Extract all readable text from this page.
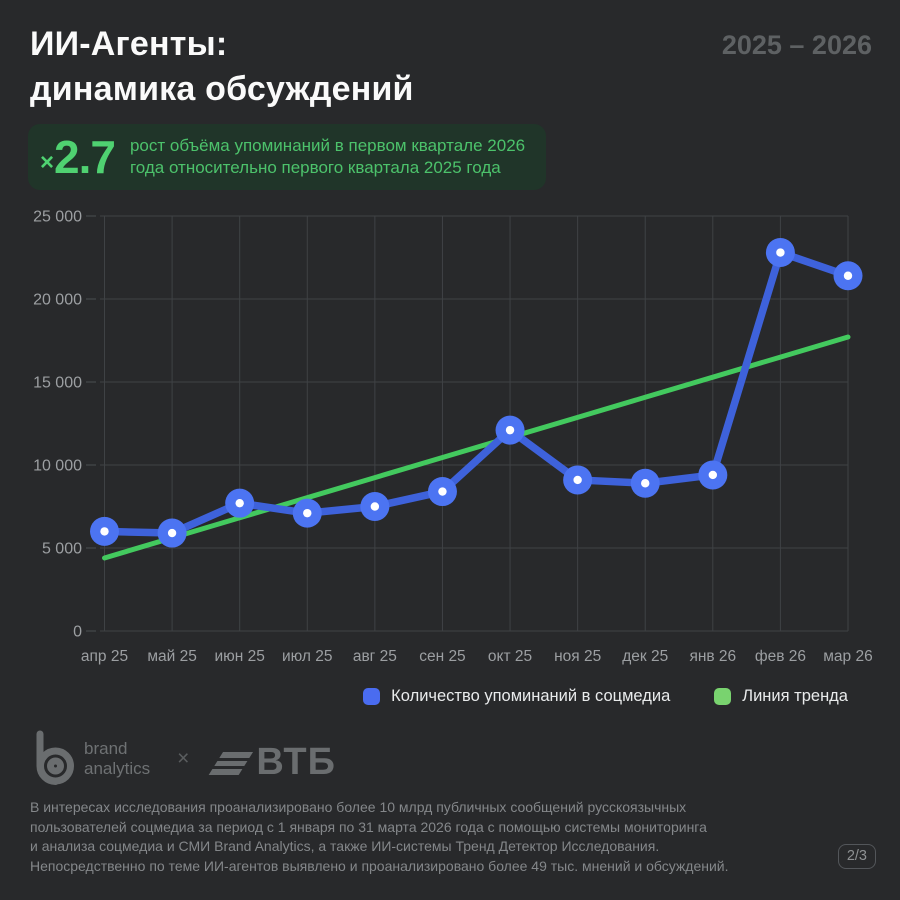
0
5 000
10 000
15 000
20 000
25 000
апр 25 май 25 июн 25 июл 25 авг 25 сен 25 окт 25 ноя 25 дек 25 янв 26 фев 26 мар 26
ИИ-Агенты:
динамика обсуждений
2025 – 2026
× 2.7 рост объёма упоминаний в первом квартале 2026
года относительно первого квартала 2025 года
Количество упоминаний в соцмедиа	Линия тренда
brand
analytics × ВТБ
В интересах исследования проанализировано более 10 млрд публичных сообщений русскоязычных
пользователей соцмедиа за период с 1 января по 31 марта 2026 года с помощью системы мониторинга
и анализа соцмедиа и СМИ Brand Analytics, а также ИИ-системы Тренд Детектор Исследования.
Непосредственно по теме ИИ-агентов выявлено и проанализировано более 49 тыс. мнений и обсуждений.
2/3
